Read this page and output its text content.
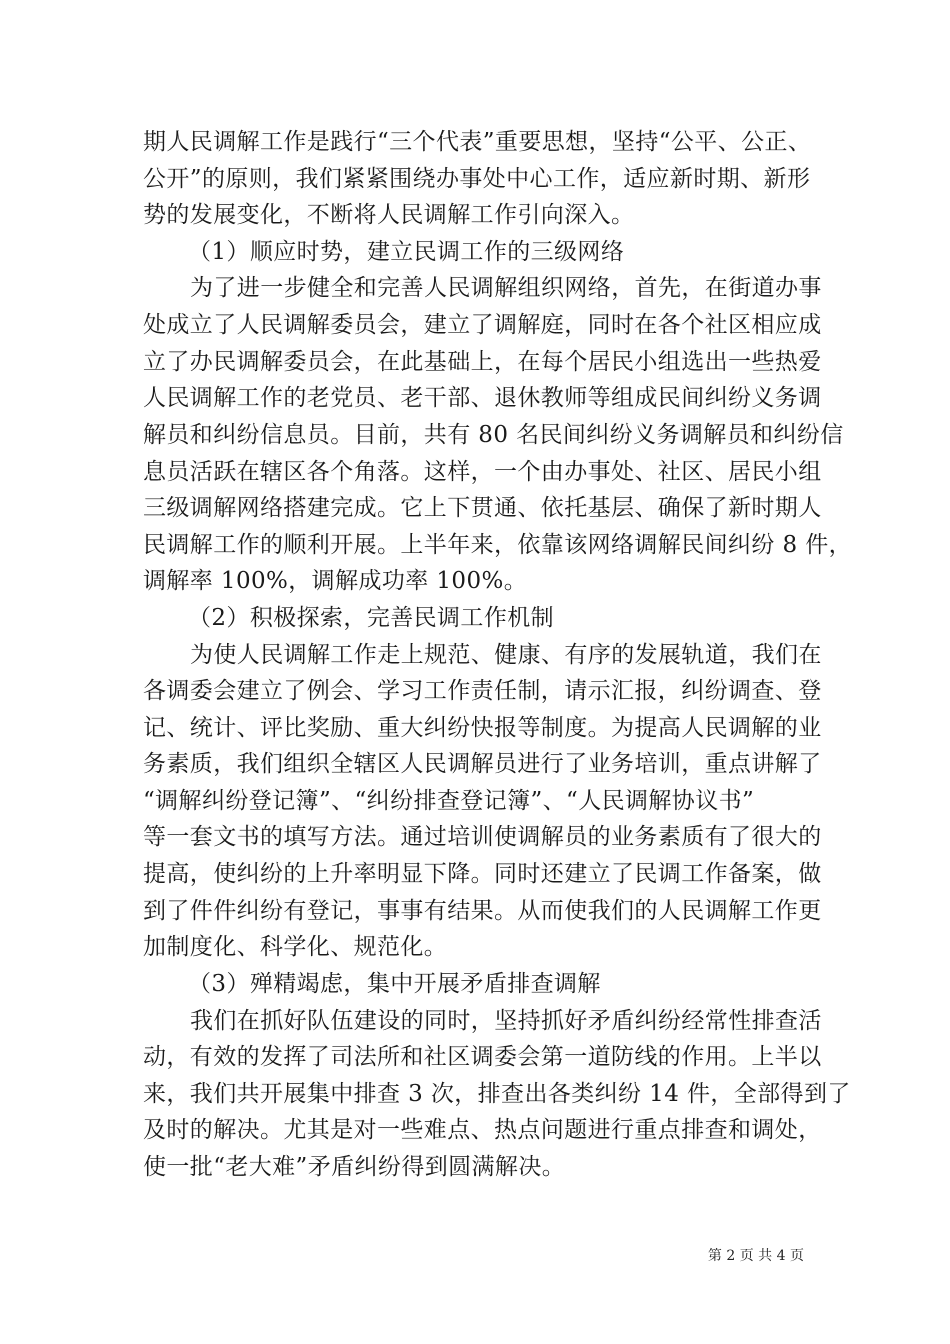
期人民调解工作是践行“三个代表”重要思想，坚持“公平、公正、
公开”的原则，我们紧紧围绕办事处中心工作，适应新时期、新形
势的发展变化，不断将人民调解工作引向深入。
（1）顺应时势，建立民调工作的三级网络
为了进一步健全和完善人民调解组织网络，首先，在街道办事
处成立了人民调解委员会，建立了调解庭，同时在各个社区相应成
立了办民调解委员会，在此基础上，在每个居民小组选出一些热爱
人民调解工作的老党员、老干部、退休教师等组成民间纠纷义务调
解员和纠纷信息员。目前，共有 80 名民间纠纷义务调解员和纠纷信
息员活跃在辖区各个角落。这样，一个由办事处、社区、居民小组
三级调解网络搭建完成。它上下贯通、依托基层、确保了新时期人
民调解工作的顺利开展。上半年来，依靠该网络调解民间纠纷 8 件，
调解率 100%，调解成功率 100%。
（2）积极探索，完善民调工作机制
为使人民调解工作走上规范、健康、有序的发展轨道，我们在
各调委会建立了例会、学习工作责任制，请示汇报，纠纷调查、登
记、统计、评比奖励、重大纠纷快报等制度。为提高人民调解的业
务素质，我们组织全辖区人民调解员进行了业务培训，重点讲解了
“调解纠纷登记簿”、“纠纷排查登记簿”、“人民调解协议书”
等一套文书的填写方法。通过培训使调解员的业务素质有了很大的
提高，使纠纷的上升率明显下降。同时还建立了民调工作备案，做
到了件件纠纷有登记，事事有结果。从而使我们的人民调解工作更
加制度化、科学化、规范化。
（3）殚精竭虑，集中开展矛盾排查调解
我们在抓好队伍建设的同时，坚持抓好矛盾纠纷经常性排查活
动，有效的发挥了司法所和社区调委会第一道防线的作用。上半以
来，我们共开展集中排查 3 次，排查出各类纠纷 14 件，全部得到了
及时的解决。尤其是对一些难点、热点问题进行重点排查和调处，
使一批“老大难”矛盾纠纷得到圆满解决。
第 2 页 共 4 页
